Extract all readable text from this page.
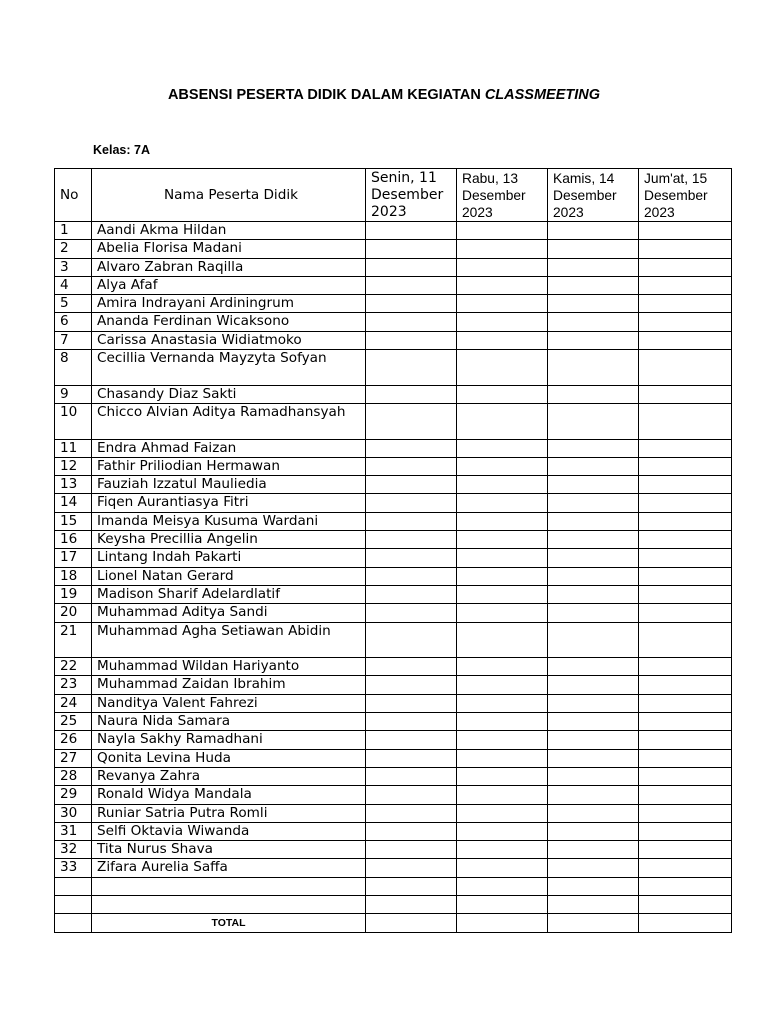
ABSENSI PESERTA DIDIK DALAM KEGIATAN CLASSMEETING
Kelas: 7A
No	Nama Peserta Didik	Senin, 11 Desember 2023	Rabu, 13 Desember 2023	Kamis, 14 Desember 2023	Jum'at, 15 Desember 2023
1	Aandi Akma Hildan				
2	Abelia Florisa Madani				
3	Alvaro Zabran Raqilla				
4	Alya Afaf				
5	Amira Indrayani Ardiningrum				
6	Ananda Ferdinan Wicaksono				
7	Carissa Anastasia Widiatmoko				
8	Cecillia Vernanda Mayzyta Sofyan				
9	Chasandy Diaz Sakti				
10	Chicco Alvian Aditya Ramadhansyah				
11	Endra Ahmad Faizan				
12	Fathir Priliodian Hermawan				
13	Fauziah Izzatul Mauliedia				
14	Fiqen Aurantiasya Fitri				
15	Imanda Meisya Kusuma Wardani				
16	Keysha Precillia Angelin				
17	Lintang Indah Pakarti				
18	Lionel Natan Gerard				
19	Madison Sharif Adelardlatif				
20	Muhammad Aditya Sandi				
21	Muhammad Agha Setiawan Abidin				
22	Muhammad Wildan Hariyanto				
23	Muhammad Zaidan Ibrahim				
24	Nanditya Valent Fahrezi				
25	Naura Nida Samara				
26	Nayla Sakhy Ramadhani				
27	Qonita Levina Huda				
28	Revanya Zahra				
29	Ronald Widya Mandala				
30	Runiar Satria Putra Romli				
31	Selfi Oktavia Wiwanda				
32	Tita Nurus Shava				
33	Zifara Aurelia Saffa				

	TOTAL				
